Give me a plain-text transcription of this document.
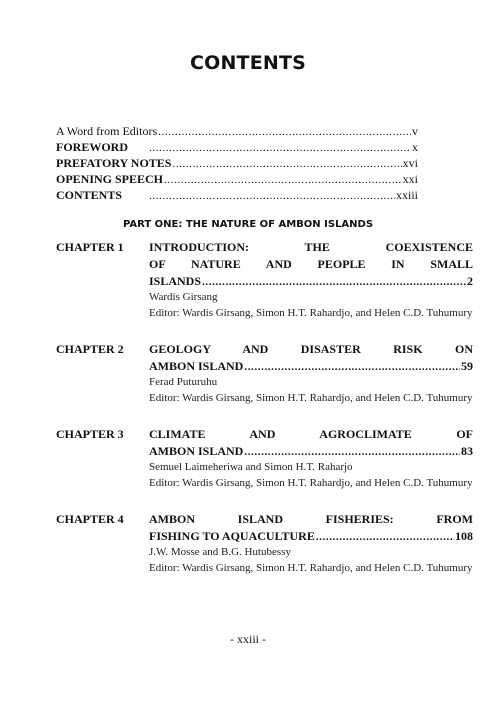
CONTENTS
A Word from Editors .....	v
FOREWORD .....	x
PREFATORY NOTES .....	xvi
OPENING SPEECH .....	xxi
CONTENTS .....	xxiii
PART ONE: THE NATURE OF AMBON ISLANDS
CHAPTER 1 INTRODUCTION: THE COEXISTENCE
OF NATURE AND PEOPLE IN SMALL
ISLANDS .....	2
Wardis Girsang
Editor: Wardis Girsang, Simon H.T. Rahardjo, and Helen C.D. Tuhumury
CHAPTER 2 GEOLOGY AND DISASTER RISK ON
AMBON ISLAND .....	59
Ferad Puturuhu
Editor: Wardis Girsang, Simon H.T. Rahardjo, and Helen C.D. Tuhumury
CHAPTER 3 CLIMATE AND AGROCLIMATE OF
AMBON ISLAND .....	83
Semuel Laimeheriwa and Simon H.T. Raharjo
Editor: Wardis Girsang, Simon H.T. Rahardjo, and Helen C.D. Tuhumury
CHAPTER 4 AMBON ISLAND FISHERIES: FROM
FISHING TO AQUACULTURE .....	108
J.W. Mosse and B.G. Hutubessy
Editor: Wardis Girsang, Simon H.T. Rahardjo, and Helen C.D. Tuhumury
- xxiii -
